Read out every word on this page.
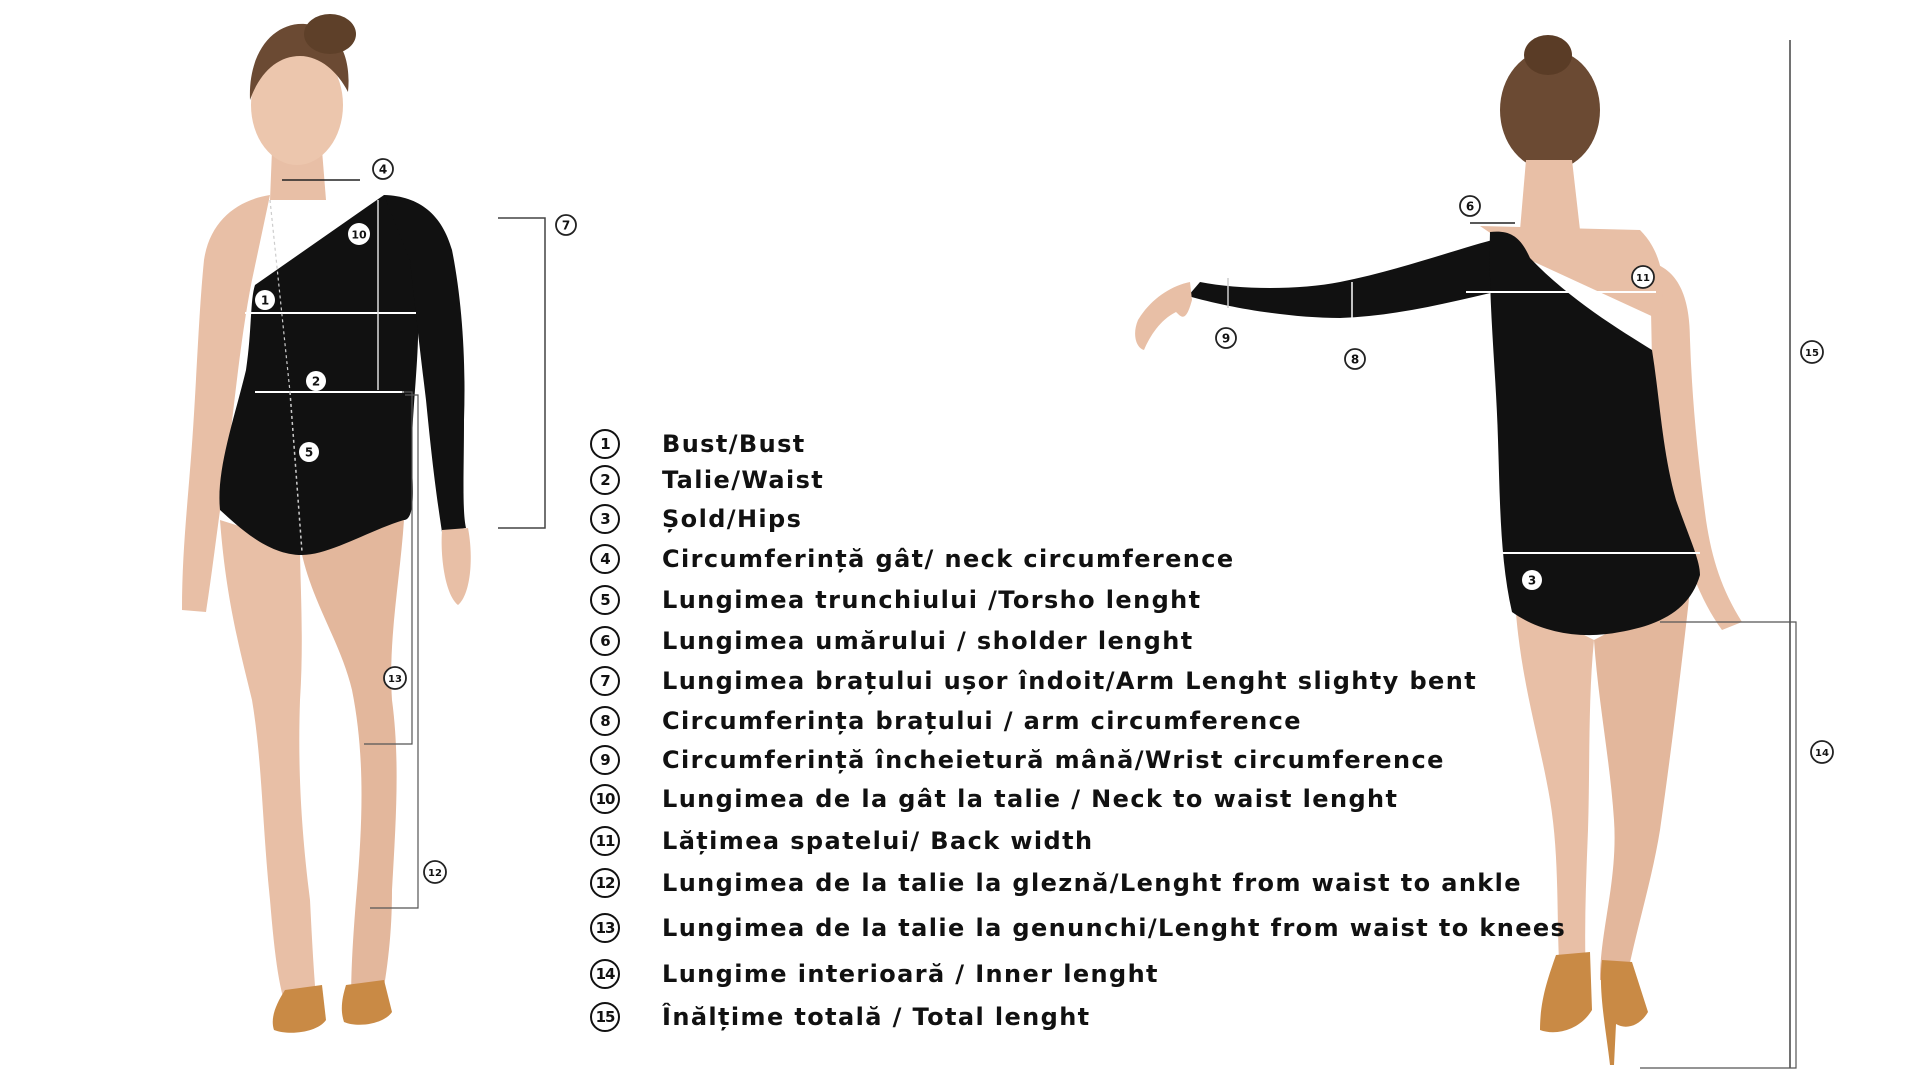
1
2
5
10
4
7
13
12
6
11
9
8
3
15
14
1	Bust/Bust
2	Talie/Waist
3	Șold/Hips
4	Circumferință gât/ neck circumference
5	Lungimea trunchiului /Torsho lenght
6	Lungimea umărului / sholder lenght
7	Lungimea brațului ușor îndoit/Arm Lenght slighty bent
8	Circumferința brațului / arm circumference
9	Circumferință încheietură mână/Wrist circumference
10 Lungimea de la gât la talie / Neck to waist lenght
11 Lățimea spatelui/ Back width
12 Lungimea de la talie la gleznă/Lenght from waist to ankle
13 Lungimea de la talie la genunchi/Lenght from waist to knees
14 Lungime interioară / Inner lenght
15 Înălțime totală / Total lenght
